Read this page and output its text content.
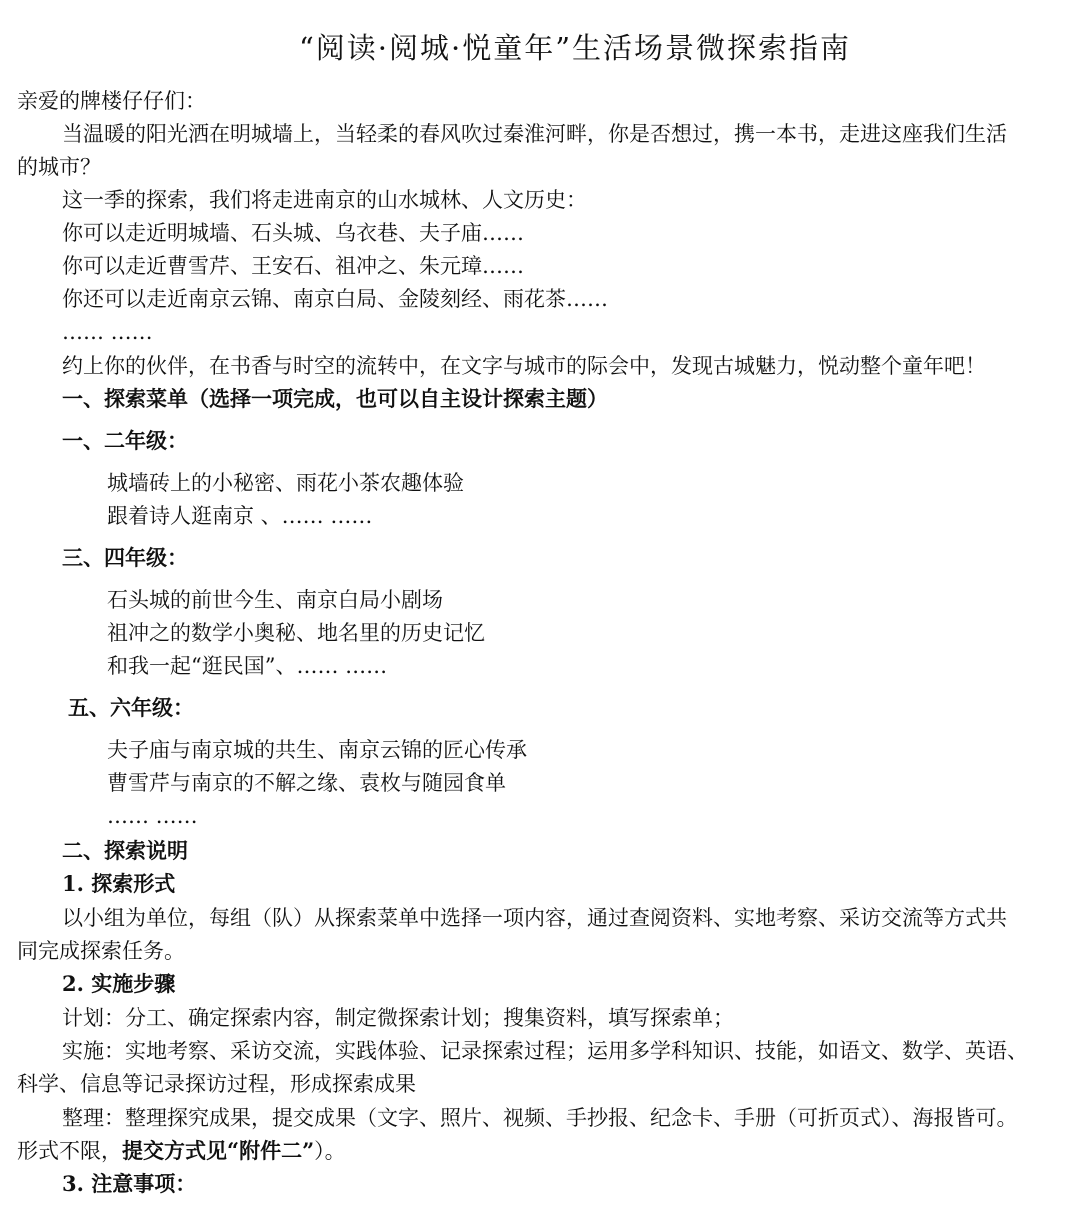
“阅读·阅城·悦童年”生活场景微探索指南
亲爱的牌楼仔仔们：
当温暖的阳光洒在明城墙上，当轻柔的春风吹过秦淮河畔，你是否想过，携一本书，走进这座我们生活
的城市？
这一季的探索，我们将走进南京的山水城林、人文历史：
你可以走近明城墙、石头城、乌衣巷、夫子庙……
你可以走近曹雪芹、王安石、祖冲之、朱元璋……
你还可以走近南京云锦、南京白局、金陵刻经、雨花茶……
…… ……
约上你的伙伴，在书香与时空的流转中，在文字与城市的际会中，发现古城魅力，悦动整个童年吧！
一、探索菜单（选择一项完成，也可以自主设计探索主题）
一、二年级：
城墙砖上的小秘密、雨花小茶农趣体验
跟着诗人逛南京 、…… ……
三、四年级：
石头城的前世今生、南京白局小剧场
祖冲之的数学小奥秘、地名里的历史记忆
和我一起“逛民国”、…… ……
五、六年级：
夫子庙与南京城的共生、南京云锦的匠心传承
曹雪芹与南京的不解之缘、袁枚与随园食单
…… ……
二、探索说明
1. 探索形式
以小组为单位，每组（队）从探索菜单中选择一项内容，通过查阅资料、实地考察、采访交流等方式共
同完成探索任务。
2. 实施步骤
计划：分工、确定探索内容，制定微探索计划；搜集资料，填写探索单；
实施：实地考察、采访交流，实践体验、记录探索过程；运用多学科知识、技能，如语文、数学、英语、
科学、信息等记录探访过程，形成探索成果
整理：整理探究成果，提交成果（文字、照片、视频、手抄报、纪念卡、手册（可折页式）、海报皆可。
形式不限，提交方式见“附件二”）。
3. 注意事项：
